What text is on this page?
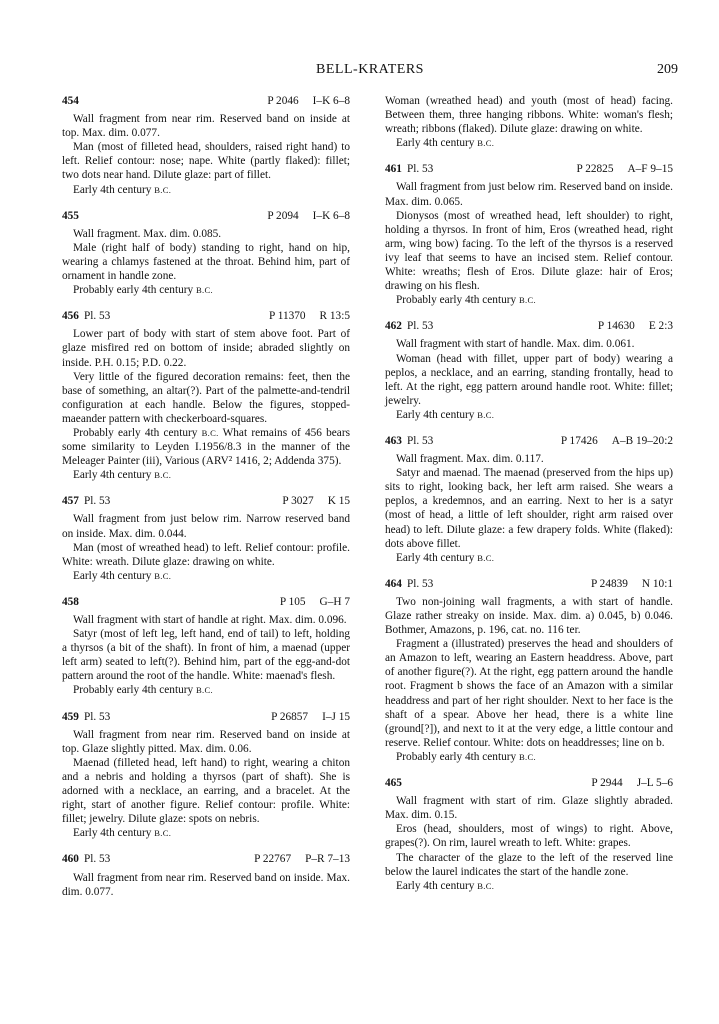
BELL-KRATERS	209
454	P 2046 I–K 6–8

Wall fragment from near rim. Reserved band on inside at top. Max. dim. 0.077.

Man (most of filleted head, shoulders, raised right hand) to left. Relief contour: nose; nape. White (partly flaked): fillet; two dots near hand. Dilute glaze: part of fillet.

Early 4th century B.C.

455	P 2094 I–K 6–8

Wall fragment. Max. dim. 0.085.

Male (right half of body) standing to right, hand on hip, wearing a chlamys fastened at the throat. Behind him, part of ornament in handle zone.

Probably early 4th century B.C.

456 Pl. 53	P 11370 R 13:5

Lower part of body with start of stem above foot. Part of glaze misfired red on bottom of inside; abraded slightly on inside. P.H. 0.15; P.D. 0.22.

Very little of the figured decoration remains: feet, then the base of something, an altar(?). Part of the palmette-and-tendril configuration at each handle. Below the figures, stopped-maeander pattern with checkerboard-squares.

Probably early 4th century B.C. What remains of 456 bears some similarity to Leyden I.1956/8.3 in the manner of the Meleager Painter (iii), Various (ARV² 1416, 2; Addenda 375).

Early 4th century B.C.

457 Pl. 53	P 3027 K 15

Wall fragment from just below rim. Narrow reserved band on inside. Max. dim. 0.044.

Man (most of wreathed head) to left. Relief contour: profile. White: wreath. Dilute glaze: drawing on white.

Early 4th century B.C.

458	P 105 G–H 7

Wall fragment with start of handle at right. Max. dim. 0.096.

Satyr (most of left leg, left hand, end of tail) to left, holding a thyrsos (a bit of the shaft). In front of him, a maenad (upper left arm) seated to left(?). Behind him, part of the egg-and-dot pattern around the root of the handle. White: maenad's flesh.

Probably early 4th century B.C.

459 Pl. 53	P 26857 I–J 15

Wall fragment from near rim. Reserved band on inside at top. Glaze slightly pitted. Max. dim. 0.06.

Maenad (filleted head, left hand) to right, wearing a chiton and a nebris and holding a thyrsos (part of shaft). She is adorned with a necklace, an earring, and a bracelet. At the right, start of another figure. Relief contour: profile. White: fillet; jewelry. Dilute glaze: spots on nebris.

Early 4th century B.C.

460 Pl. 53	P 22767 P–R 7–13

Wall fragment from near rim. Reserved band on inside. Max. dim. 0.077.

Woman (wreathed head) and youth (most of head) facing. Between them, three hanging ribbons. White: woman's flesh; wreath; ribbons (flaked). Dilute glaze: drawing on white.

Early 4th century B.C.

461 Pl. 53	P 22825 A–F 9–15

Wall fragment from just below rim. Reserved band on inside. Max. dim. 0.065.

Dionysos (most of wreathed head, left shoulder) to right, holding a thyrsos. In front of him, Eros (wreathed head, right arm, wing bow) facing. To the left of the thyrsos is a reserved ivy leaf that seems to have an incised stem. Relief contour. White: wreaths; flesh of Eros. Dilute glaze: hair of Eros; drawing on his flesh.

Probably early 4th century B.C.

462 Pl. 53	P 14630 E 2:3

Wall fragment with start of handle. Max. dim. 0.061.

Woman (head with fillet, upper part of body) wearing a peplos, a necklace, and an earring, standing frontally, head to left. At the right, egg pattern around handle root. White: fillet; jewelry.

Early 4th century B.C.

463 Pl. 53	P 17426 A–B 19–20:2

Wall fragment. Max. dim. 0.117.

Satyr and maenad. The maenad (preserved from the hips up) sits to right, looking back, her left arm raised. She wears a peplos, a kredemnos, and an earring. Next to her is a satyr (most of head, a little of left shoulder, right arm raised over head) to left. Dilute glaze: a few drapery folds. White (flaked): dots above fillet.

Early 4th century B.C.

464 Pl. 53	P 24839 N 10:1

Two non-joining wall fragments, a with start of handle. Glaze rather streaky on inside. Max. dim. a) 0.045, b) 0.046. Bothmer, Amazons, p. 196, cat. no. 116 ter.

Fragment a (illustrated) preserves the head and shoulders of an Amazon to left, wearing an Eastern headdress. Above, part of another figure(?). At the right, egg pattern around the handle root. Fragment b shows the face of an Amazon with a similar headdress and part of her right shoulder. Next to her face is the shaft of a spear. Above her head, there is a white line (ground[?]), and next to it at the very edge, a little contour and reserve. Relief contour. White: dots on headdresses; line on b.

Probably early 4th century B.C.

465	P 2944 J–L 5–6

Wall fragment with start of rim. Glaze slightly abraded. Max. dim. 0.15.

Eros (head, shoulders, most of wings) to right. Above, grapes(?). On rim, laurel wreath to left. White: grapes.

The character of the glaze to the left of the reserved line below the laurel indicates the start of the handle zone.

Early 4th century B.C.
